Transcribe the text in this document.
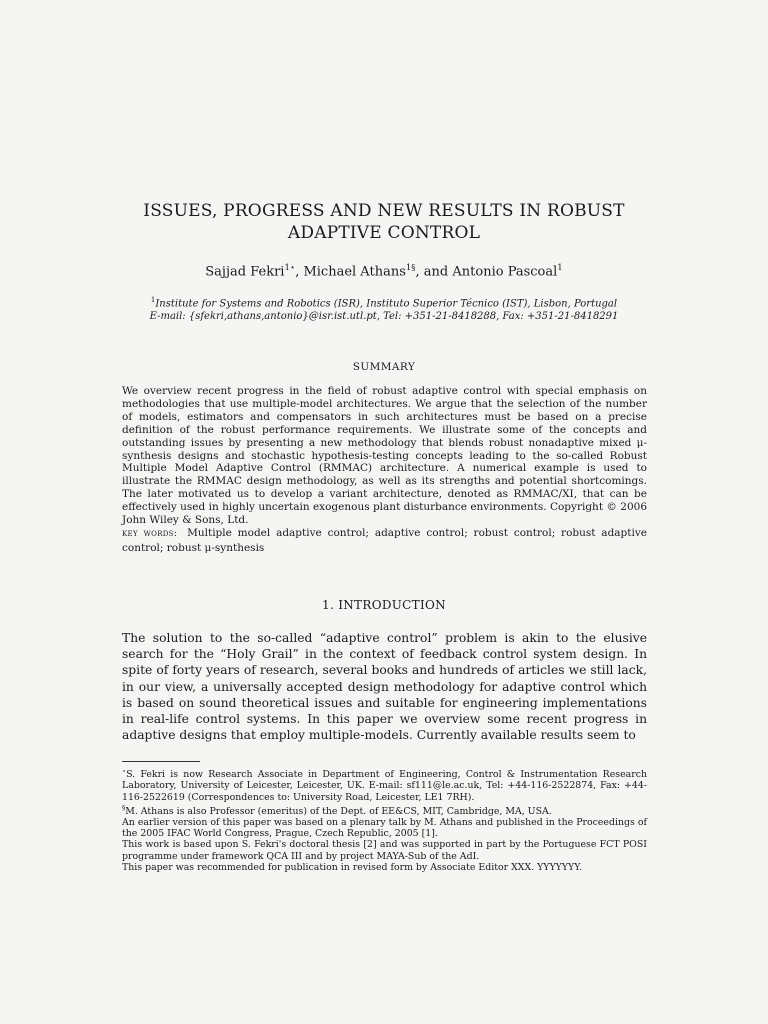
ISSUES, PROGRESS AND NEW RESULTS IN ROBUST
ADAPTIVE CONTROL
Sajjad Fekri$^{1⋆}$, Michael Athans$^{1\S}$, and Antonio Pascoal$^1$
$^1$Institute for Systems and Robotics (ISR), Instituto Superior Técnico (IST), Lisbon, Portugal
E-mail: {sfekri,athans,antonio}@isr.ist.utl.pt, Tel: +351-21-8418288, Fax: +351-21-8418291
SUMMARY
We overview recent progress in the field of robust adaptive control with special emphasis on methodologies that use multiple-model architectures. We argue that the selection of the number of models, estimators and compensators in such architectures must be based on a precise definition of the robust performance requirements. We illustrate some of the concepts and outstanding issues by presenting a new methodology that blends robust nonadaptive mixed μ-synthesis designs and stochastic hypothesis-testing concepts leading to the so-called Robust Multiple Model Adaptive Control (RMMAC) architecture. A numerical example is used to illustrate the RMMAC design methodology, as well as its strengths and potential shortcomings. The later motivated us to develop a variant architecture, denoted as RMMAC/XI, that can be effectively used in highly uncertain exogenous plant disturbance environments. Copyright © 2006 John Wiley & Sons, Ltd.
key words: Multiple model adaptive control; adaptive control; robust control; robust adaptive control; robust μ-synthesis
1. INTRODUCTION
The solution to the so-called “adaptive control” problem is akin to the elusive search for the “Holy Grail” in the context of feedback control system design. In spite of forty years of research, several books and hundreds of articles we still lack, in our view, a universally accepted design methodology for adaptive control which is based on sound theoretical issues and suitable for engineering implementations in real-life control systems. In this paper we overview some recent progress in adaptive designs that employ multiple-models. Currently available results seem to

⋆S. Fekri is now Research Associate in Department of Engineering, Control & Instrumentation Research Laboratory, University of Leicester, Leicester, UK. E-mail: sf111@le.ac.uk, Tel: +44-116-2522874, Fax: +44-116-2522619 (Correspondences to: University Road, Leicester, LE1 7RH).

§M. Athans is also Professor (emeritus) of the Dept. of EE&CS, MIT, Cambridge, MA, USA.

An earlier version of this paper was based on a plenary talk by M. Athans and published in the Proceedings of the 2005 IFAC World Congress, Prague, Czech Republic, 2005 [1].

This work is based upon S. Fekri's doctoral thesis [2] and was supported in part by the Portuguese FCT POSI programme under framework QCA III and by project MAYA-Sub of the AdI.

This paper was recommended for publication in revised form by Associate Editor XXX. YYYYYYY.
